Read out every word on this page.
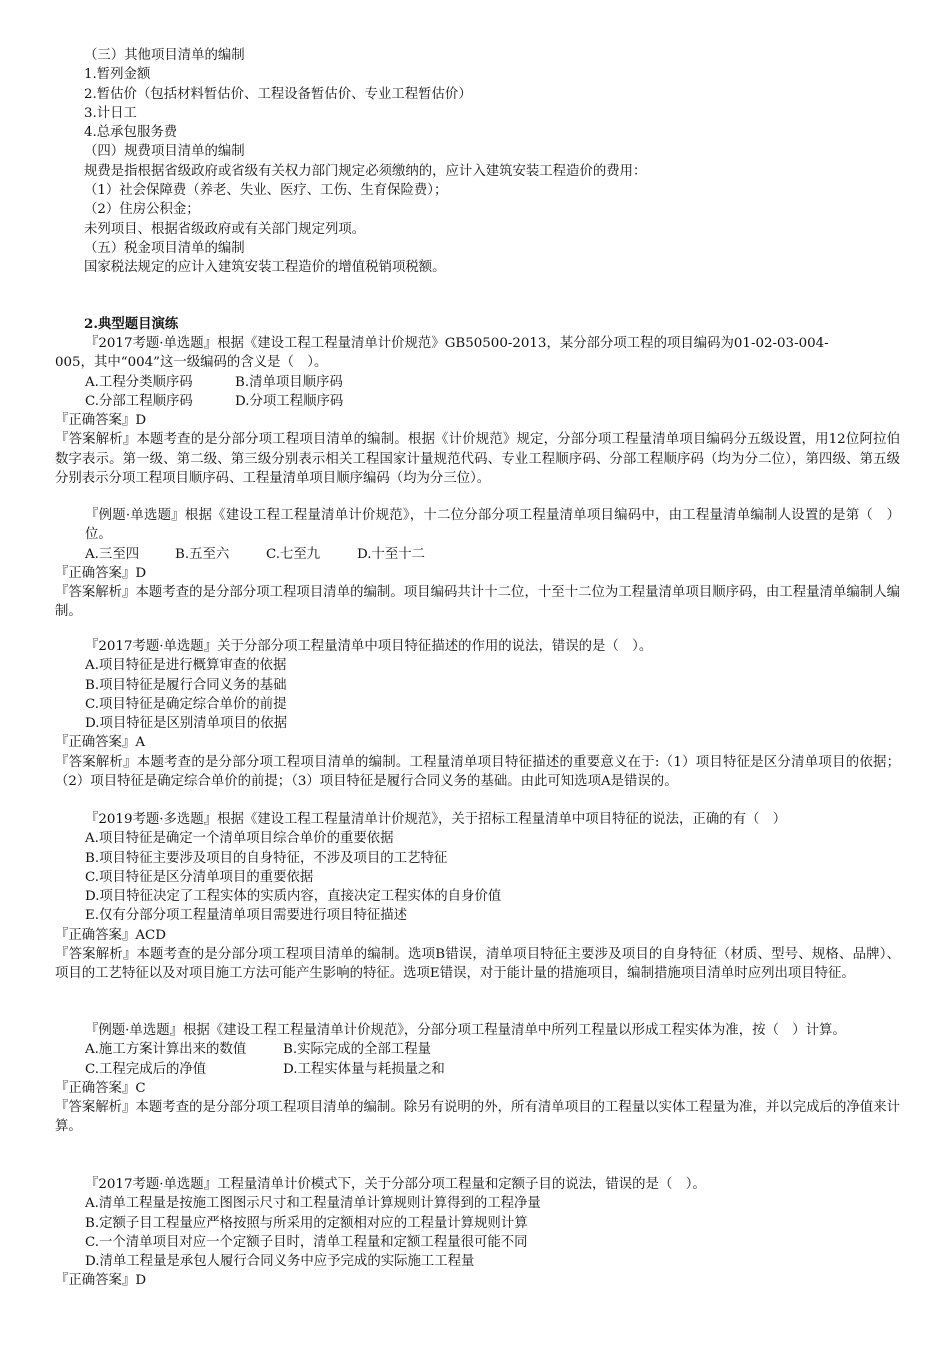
（三）其他项目清单的编制
1.暂列金额
2.暂估价（包括材料暂估价、工程设备暂估价、专业工程暂估价）
3.计日工
4.总承包服务费
（四）规费项目清单的编制
规费是指根据省级政府或省级有关权力部门规定必须缴纳的，应计入建筑安装工程造价的费用：
（1）社会保障费（养老、失业、医疗、工伤、生育保险费）；
（2）住房公积金；
未列项目、根据省级政府或有关部门规定列项。
（五）税金项目清单的编制
国家税法规定的应计入建筑安装工程造价的增值税销项税额。
2.典型题目演练
『2017考题·单选题』根据《建设工程工程量清单计价规范》GB50500-2013，某分部分项工程的项目编码为01-02-03-004-
005，其中“004”这一级编码的含义是（　）。
A.工程分类顺序码	B.清单项目顺序码
C.分部工程顺序码	D.分项工程顺序码
『正确答案』D
『答案解析』本题考查的是分部分项工程项目清单的编制。根据《计价规范》规定，分部分项工程量清单项目编码分五级设置，用12位阿拉伯数字表示。第一级、第二级、第三级分别表示相关工程国家计量规范代码、专业工程顺序码、分部工程顺序码（均为分二位），第四级、第五级分别表示分项工程项目顺序码、工程量清单项目顺序编码（均为分三位）。
『例题·单选题』根据《建设工程工程量清单计价规范》，十二位分部分项工程量清单项目编码中，由工程量清单编制人设置的是第（　）位。
A.三至四	B.五至六	C.七至九	D.十至十二
『正确答案』D
『答案解析』本题考查的是分部分项工程项目清单的编制。项目编码共计十二位，十至十二位为工程量清单项目顺序码，由工程量清单编制人编制。
『2017考题·单选题』关于分部分项工程量清单中项目特征描述的作用的说法，错误的是（　）。
A.项目特征是进行概算审查的依据
B.项目特征是履行合同义务的基础
C.项目特征是确定综合单价的前提
D.项目特征是区别清单项目的依据
『正确答案』A
『答案解析』本题考查的是分部分项工程项目清单的编制。工程量清单项目特征描述的重要意义在于:（1）项目特征是区分清单项目的依据；（2）项目特征是确定综合单价的前提；（3）项目特征是履行合同义务的基础。由此可知选项A是错误的。
『2019考题·多选题』根据《建设工程工程量清单计价规范》，关于招标工程量清单中项目特征的说法，正确的有（　）
A.项目特征是确定一个清单项目综合单价的重要依据
B.项目特征主要涉及项目的自身特征，不涉及项目的工艺特征
C.项目特征是区分清单项目的重要依据
D.项目特征决定了工程实体的实质内容，直接决定工程实体的自身价值
E.仅有分部分项工程量清单项目需要进行项目特征描述
『正确答案』ACD
『答案解析』本题考查的是分部分项工程项目清单的编制。选项B错误，清单项目特征主要涉及项目的自身特征（材质、型号、规格、品牌）、项目的工艺特征以及对项目施工方法可能产生影响的特征。选项E错误，对于能计量的措施项目，编制措施项目清单时应列出项目特征。
『例题·单选题』根据《建设工程工程量清单计价规范》，分部分项工程量清单中所列工程量以形成工程实体为准，按（　）计算。
A.施工方案计算出来的数值	B.实际完成的全部工程量
C.工程完成后的净值	D.工程实体量与耗损量之和
『正确答案』C
『答案解析』本题考查的是分部分项工程项目清单的编制。除另有说明的外，所有清单项目的工程量以实体工程量为准，并以完成后的净值来计算。
『2017考题·单选题』工程量清单计价模式下，关于分部分项工程量和定额子目的说法，错误的是（　）。
A.清单工程量是按施工图图示尺寸和工程量清单计算规则计算得到的工程净量
B.定额子目工程量应严格按照与所采用的定额相对应的工程量计算规则计算
C.一个清单项目对应一个定额子目时，清单工程量和定额工程量很可能不同
D.清单工程量是承包人履行合同义务中应予完成的实际施工工程量
『正确答案』D
